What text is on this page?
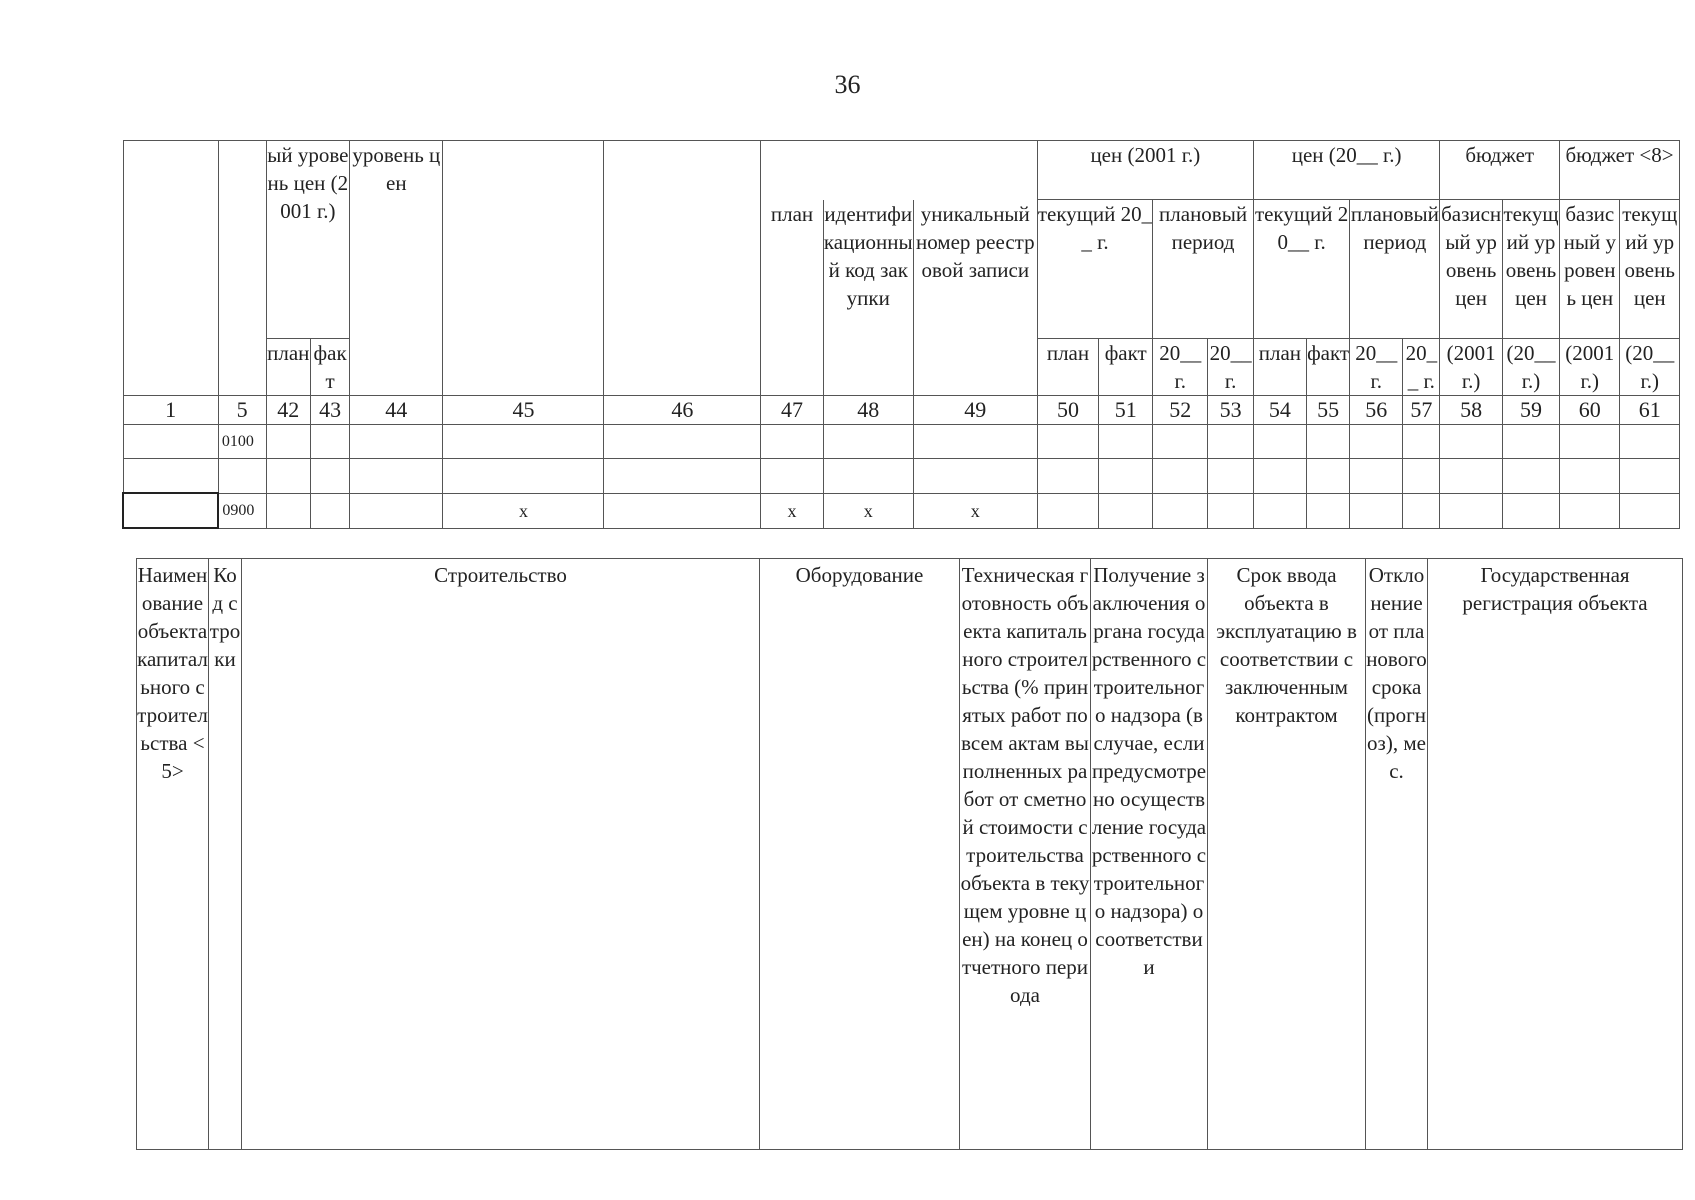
36
		ый уровень цен (2001 г.)		уровень цен						цен (2001 г.)				цен (20__ г.)				бюджет		бюджет <8>	
							план	идентификационный код закупки	уникальный номер реестровой записи	текущий 20__ г.		плановый период		текущий 20__ г.		плановый период		базисный уровень цен	текущий уровень цен	базисный уровень цен	текущий уровень цен
		план	факт							план	факт	20__ г.	20__ г.	план	факт	20__ г.	20__ г.	(2001 г.)	(20__ г.)	(2001 г.)	(20__ г.)
1	5	42	43	44	45	46	47	48	49	50	51	52	53	54	55	56	57	58	59	60	61
	0100																				

	0900				x		x	x	x												
Наименование объекта капитального строительства <5>	Код строки	Строительство	Оборудование	Техническая готовность объекта капитального строительства (% принятых работ по всем актам выполненных работ от сметной стоимости строительства объекта в текущем уровне цен) на конец отчетного периода	Получение заключения органа государственного строительного надзора (в случае, если предусмотрено осуществление государственного строительного надзора) о соответствии	Срок ввода объекта в эксплуатацию в соответствии с заключенным контрактом	Отклонение от планового срока (прогноз), мес.	Государственная регистрация объекта
